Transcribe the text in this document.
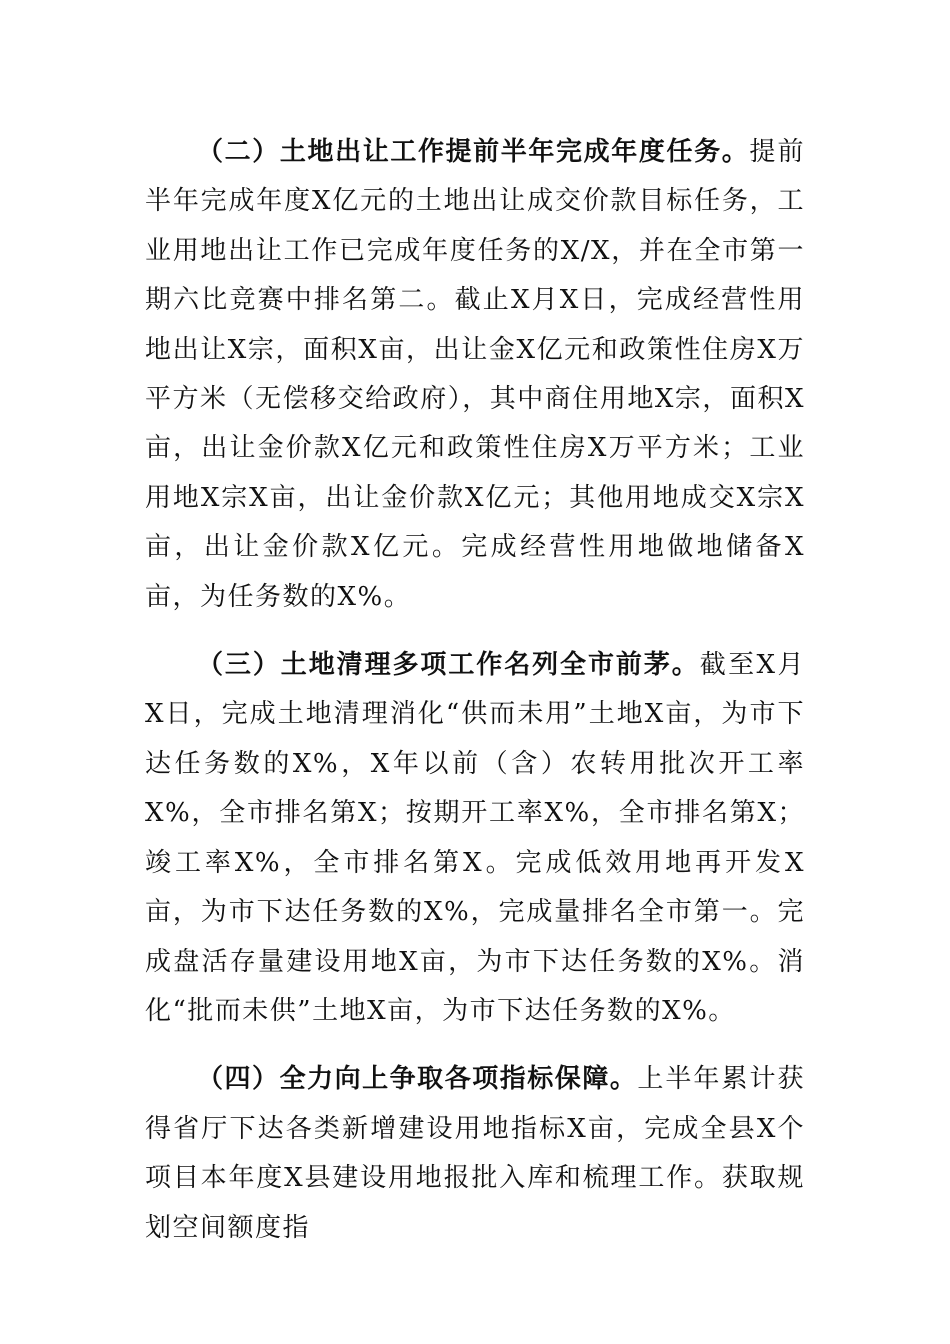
（二）土地出让工作提前半年完成年度任务。提前半年完成年度X亿元的土地出让成交价款目标任务，工业用地出让工作已完成年度任务的X/X，并在全市第一期六比竞赛中排名第二。截止X月X日，完成经营性用地出让X宗，面积X亩，出让金X亿元和政策性住房X万平方米（无偿移交给政府），其中商住用地X宗，面积X亩，出让金价款X亿元和政策性住房X万平方米；工业用地X宗X亩，出让金价款X亿元；其他用地成交X宗X亩，出让金价款X亿元。完成经营性用地做地储备X亩，为任务数的X%。

（三）土地清理多项工作名列全市前茅。截至X月X日，完成土地清理消化“供而未用”土地X亩，为市下达任务数的X%，X年以前（含）农转用批次开工率X%，全市排名第X；按期开工率X%，全市排名第X；竣工率X%，全市排名第X。完成低效用地再开发X亩，为市下达任务数的X%，完成量排名全市第一。完成盘活存量建设用地X亩，为市下达任务数的X%。消化“批而未供”土地X亩，为市下达任务数的X%。

（四）全力向上争取各项指标保障。上半年累计获得省厅下达各类新增建设用地指标X亩，完成全县X个项目本年度X县建设用地报批入库和梳理工作。获取规划空间额度指
